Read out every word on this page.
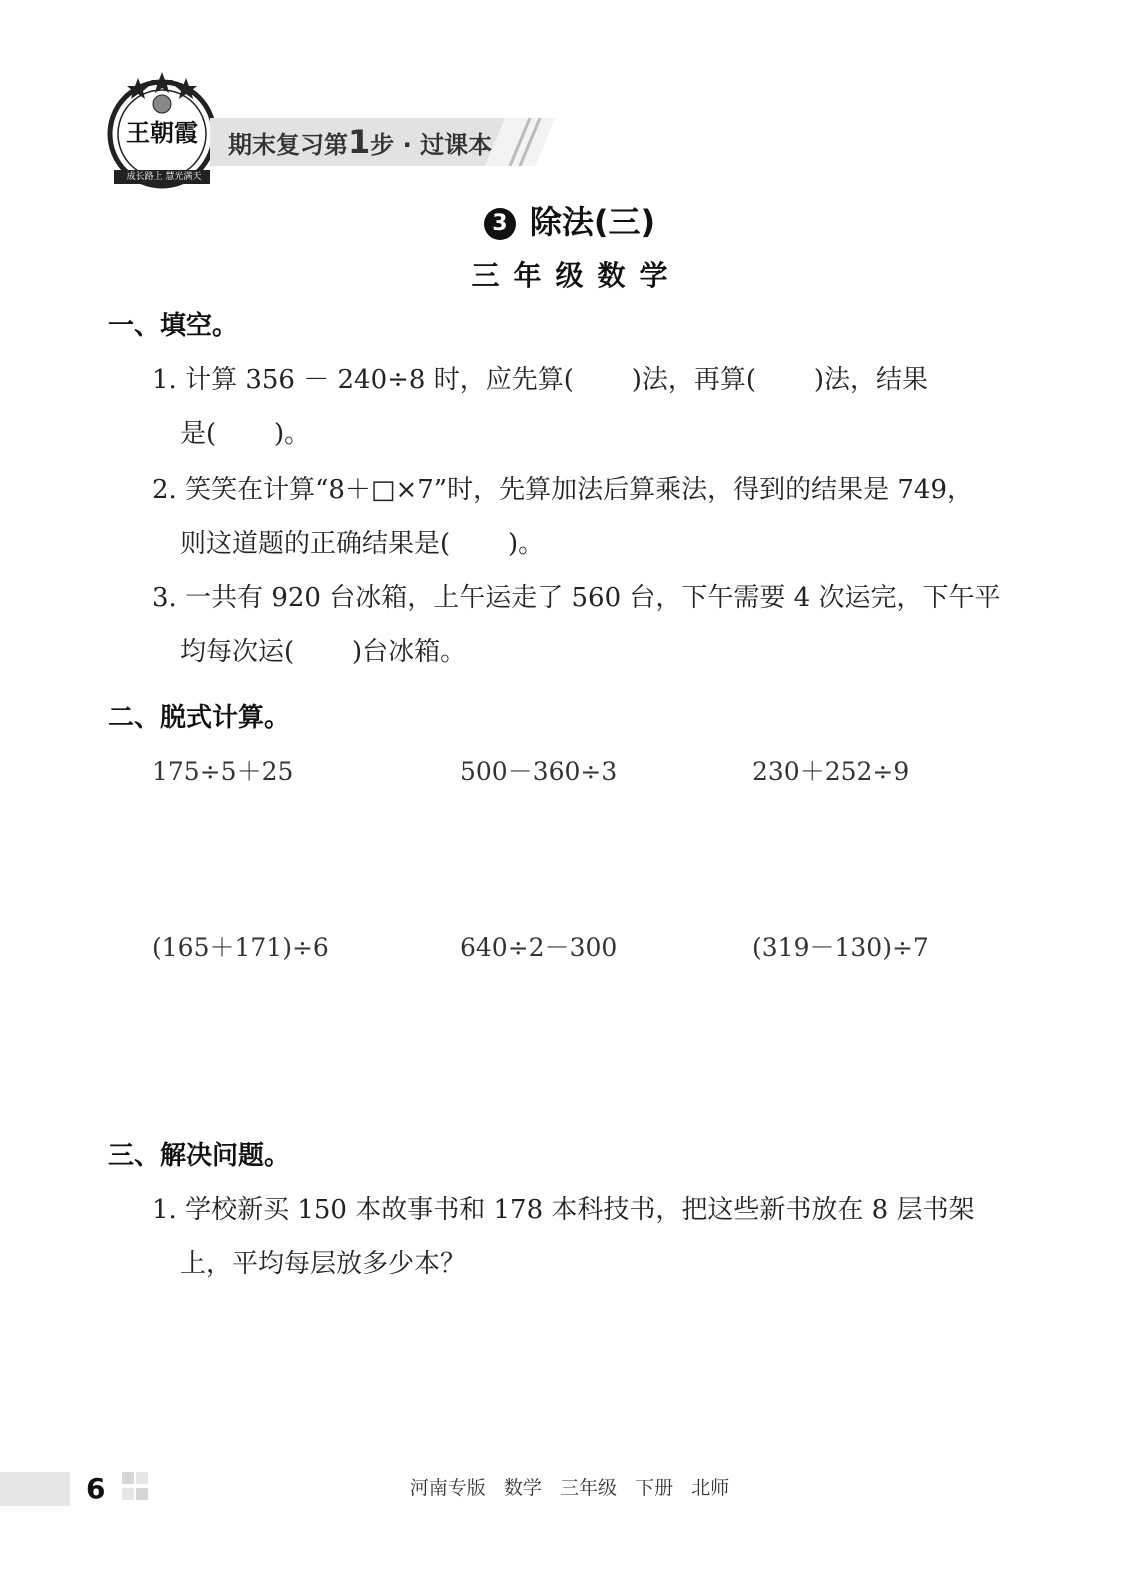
王朝霞
成长路上 慧光满天
期末复习第1步 · 过课本
3 除法(三)
三年级数学
一、填空。
1. 计算 356 － 240÷8 时，应先算(       )法，再算(       )法，结果
是(       )。
2. 笑笑在计算“8＋□×7”时，先算加法后算乘法，得到的结果是 749，
则这道题的正确结果是(       )。
3. 一共有 920 台冰箱，上午运走了 560 台，下午需要 4 次运完，下午平
均每次运(       )台冰箱。
二、脱式计算。
175÷5＋25	500－360÷3	230＋252÷9
(165＋171)÷6	640÷2－300	(319－130)÷7
三、解决问题。
1. 学校新买 150 本故事书和 178 本科技书，把这些新书放在 8 层书架
上，平均每层放多少本？
6	河南专版   数学   三年级   下册   北师
